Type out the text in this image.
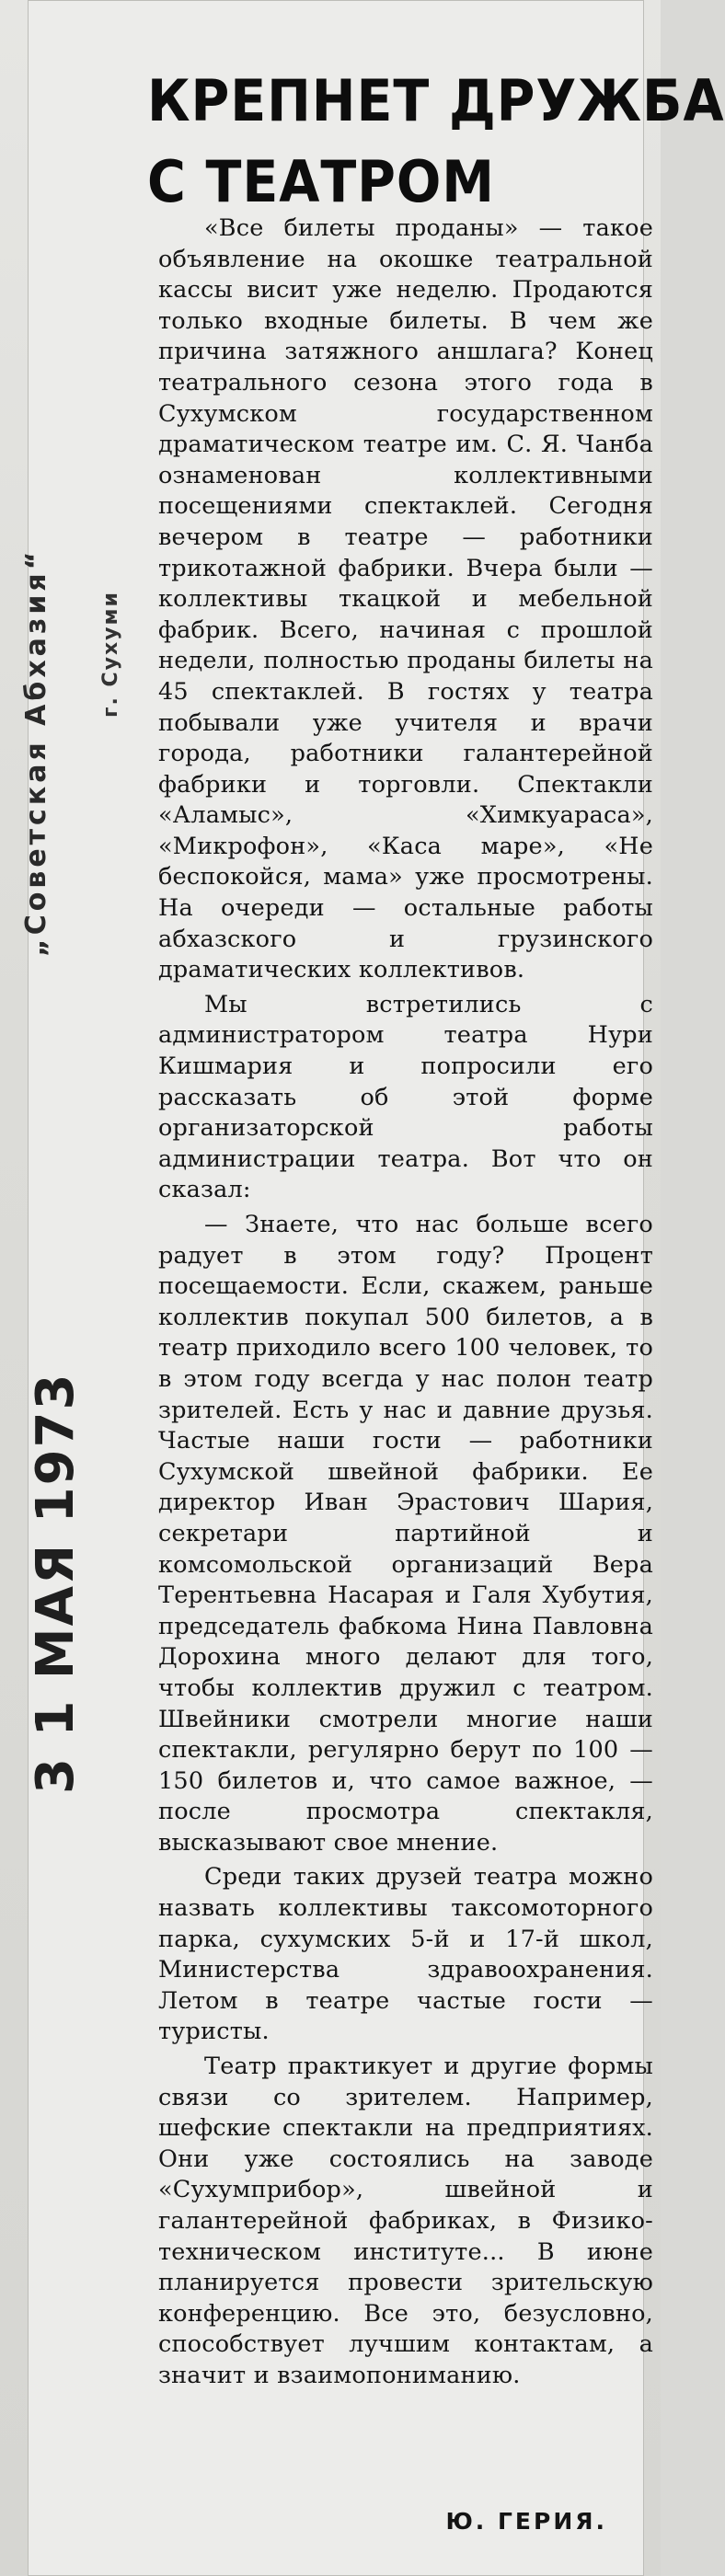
КРЕПНЕТ ДРУЖБА
С ТЕАТРОМ

«Все билеты проданы» — такое объявление на окошке театральной кассы висит уже неделю. Продаются только входные билеты. В чем же причина затяжного аншлага? Конец театрального сезона этого года в Сухумском государственном драматическом театре им. С. Я. Чанба ознаменован коллективными посещениями спектаклей. Сегодня вечером в театре — работники трикотажной фабрики. Вчера были — коллективы ткацкой и мебельной фабрик. Всего, начиная с прошлой недели, полностью проданы билеты на 45 спектаклей. В гостях у театра побывали уже учителя и врачи города, работники галантерейной фабрики и торговли. Спектакли «Аламыс», «Химкуараса», «Микрофон», «Каса маре», «Не беспокойся, мама» уже просмотрены. На очереди — остальные работы абхазского и грузинского драматических коллективов.

Мы встретились с администратором театра Нури Кишмария и попросили его рассказать об этой форме организаторской работы администрации театра. Вот что он сказал:

— Знаете, что нас больше всего радует в этом году? Процент посещаемости. Если, скажем, раньше коллектив покупал 500 билетов, а в театр приходило всего 100 человек, то в этом году всегда у нас полон театр зрителей. Есть у нас и давние друзья. Частые наши гости — работники Сухумской швейной фабрики. Ее директор Иван Эрастович Шария, секретари партийной и комсомольской организаций Вера Терентьевна Насарая и Галя Хубутия, председатель фабкома Нина Павловна Дорохина много делают для того, чтобы коллектив дружил с театром. Швейники смотрели многие наши спектакли, регулярно берут по 100 — 150 билетов и, что самое важное, — после просмотра спектакля, высказывают свое мнение.

Среди таких друзей театра можно назвать коллективы таксомоторного парка, сухумских 5-й и 17-й школ, Министерства здравоохранения. Летом в театре частые гости — туристы.

Театр практикует и другие формы связи со зрителем. Например, шефские спектакли на предприятиях. Они уже состоялись на заводе «Сухумприбор», швейной и галантерейной фабриках, в Физико-техническом институте... В июне планируется провести зрительскую конференцию. Все это, безусловно, способствует лучшим контактам, а значит и взаимопониманию.

Ю. ГЕРИЯ.
„Советская Абхазия“ г. Сухуми
3 1 МАЯ 1973
